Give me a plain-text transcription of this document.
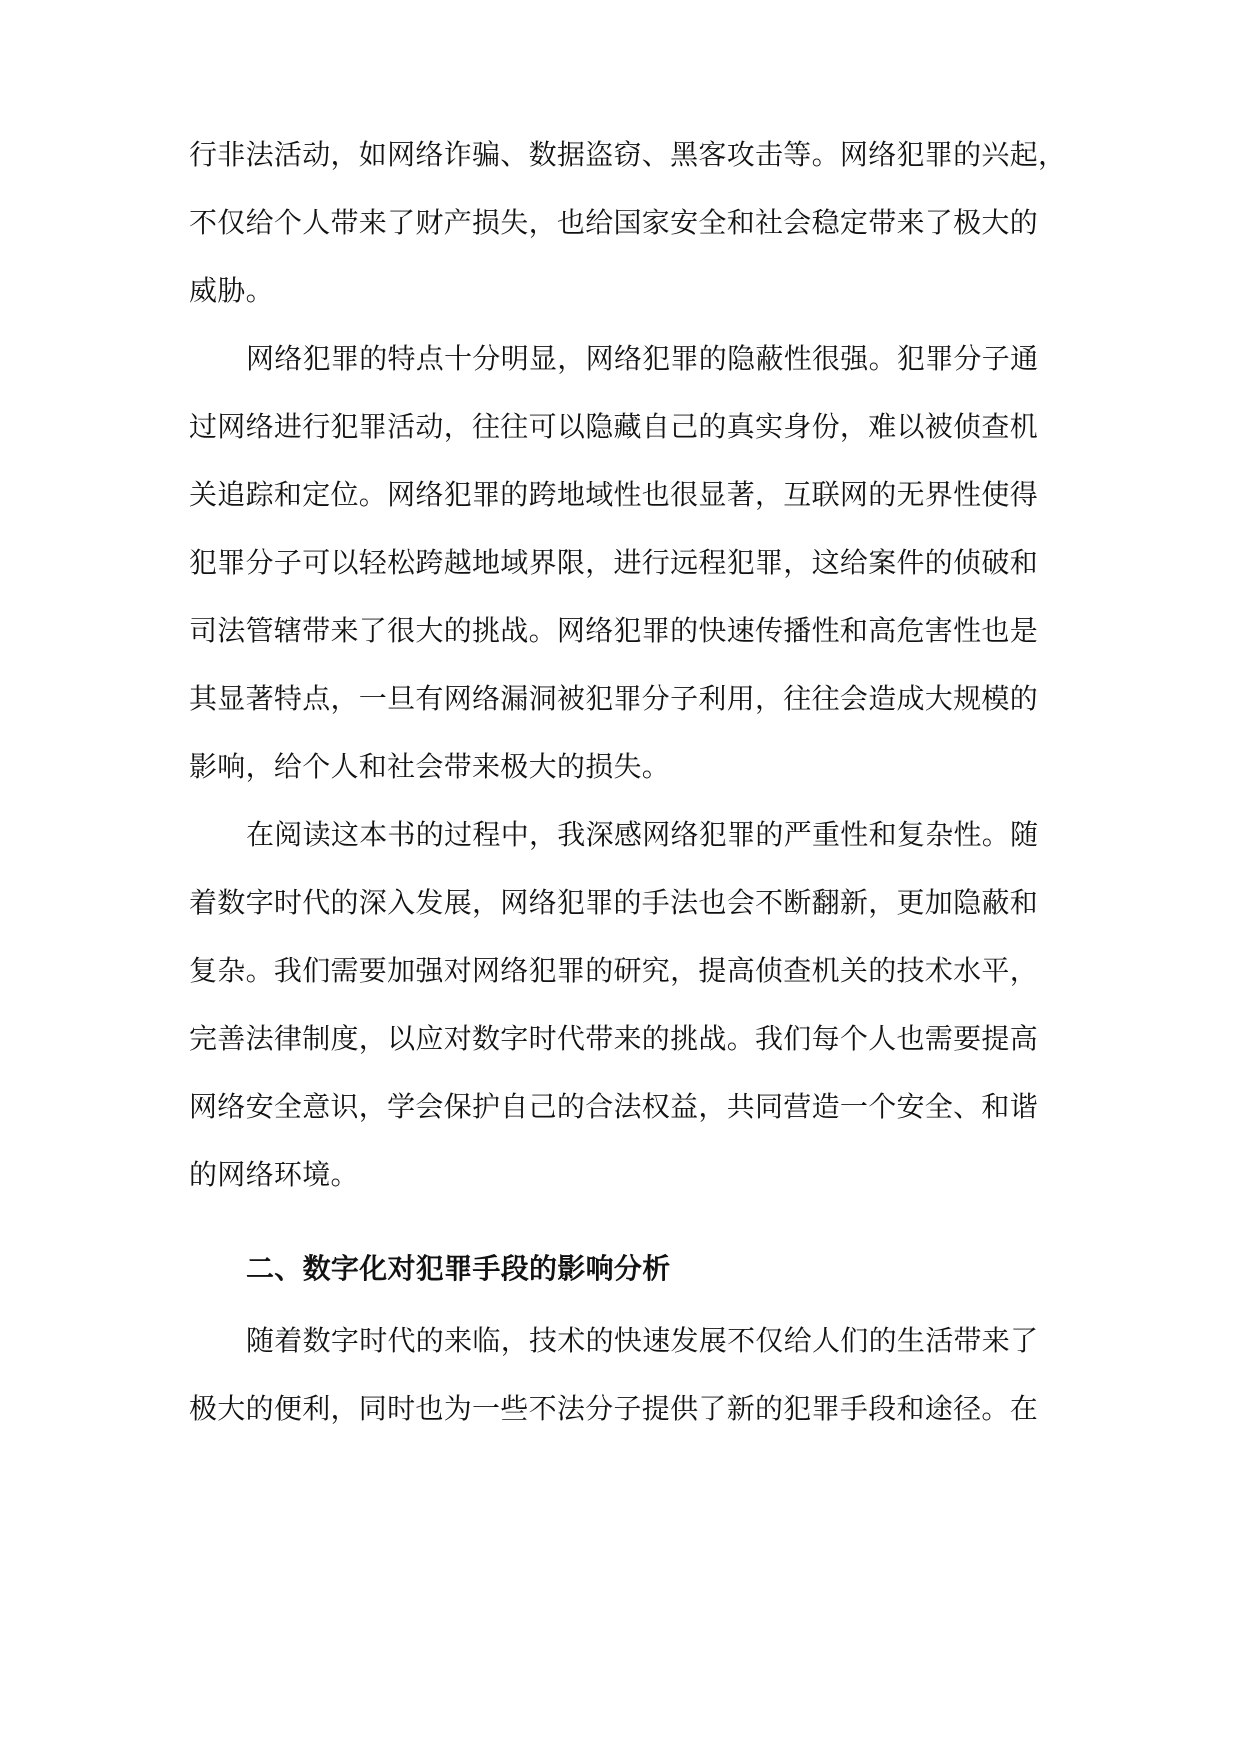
行非法活动，如网络诈骗、数据盗窃、黑客攻击等。网络犯罪的兴起，
不仅给个人带来了财产损失，也给国家安全和社会稳定带来了极大的
威胁。
网络犯罪的特点十分明显，网络犯罪的隐蔽性很强。犯罪分子通
过网络进行犯罪活动，往往可以隐藏自己的真实身份，难以被侦查机
关追踪和定位。网络犯罪的跨地域性也很显著，互联网的无界性使得
犯罪分子可以轻松跨越地域界限，进行远程犯罪，这给案件的侦破和
司法管辖带来了很大的挑战。网络犯罪的快速传播性和高危害性也是
其显著特点，一旦有网络漏洞被犯罪分子利用，往往会造成大规模的
影响，给个人和社会带来极大的损失。
在阅读这本书的过程中，我深感网络犯罪的严重性和复杂性。随
着数字时代的深入发展，网络犯罪的手法也会不断翻新，更加隐蔽和
复杂。我们需要加强对网络犯罪的研究，提高侦查机关的技术水平，
完善法律制度，以应对数字时代带来的挑战。我们每个人也需要提高
网络安全意识，学会保护自己的合法权益，共同营造一个安全、和谐
的网络环境。
二、数字化对犯罪手段的影响分析
随着数字时代的来临，技术的快速发展不仅给人们的生活带来了
极大的便利，同时也为一些不法分子提供了新的犯罪手段和途径。在
